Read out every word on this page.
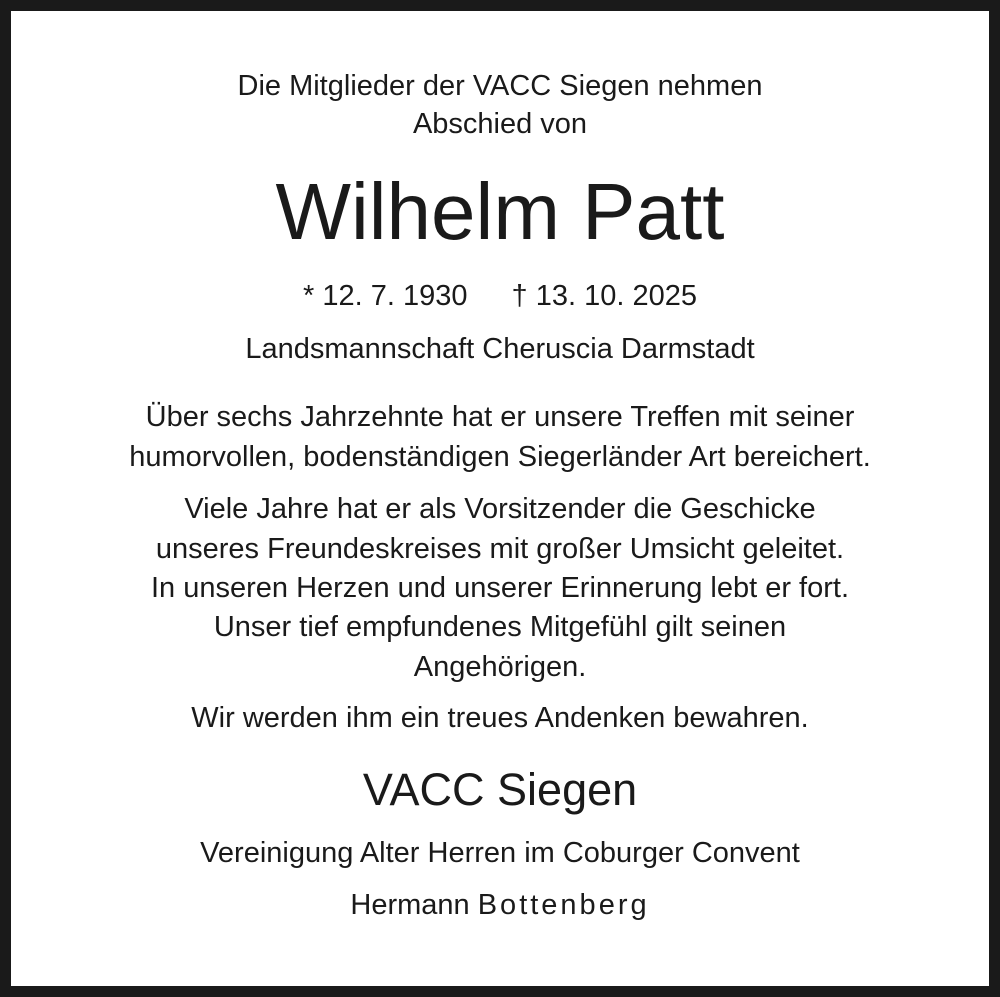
Die Mitglieder der VACC Siegen nehmen
Abschied von
Wilhelm Patt
* 12. 7. 1930 † 13. 10. 2025
Landsmannschaft Cheruscia Darmstadt
Über sechs Jahrzehnte hat er unsere Treffen mit seiner
humorvollen, bodenständigen Siegerländer Art bereichert.
Viele Jahre hat er als Vorsitzender die Geschicke
unseres Freundeskreises mit großer Umsicht geleitet.
In unseren Herzen und unserer Erinnerung lebt er fort.
Unser tief empfundenes Mitgefühl gilt seinen
Angehörigen.
Wir werden ihm ein treues Andenken bewahren.
VACC Siegen
Vereinigung Alter Herren im Coburger Convent
Hermann Bottenberg
